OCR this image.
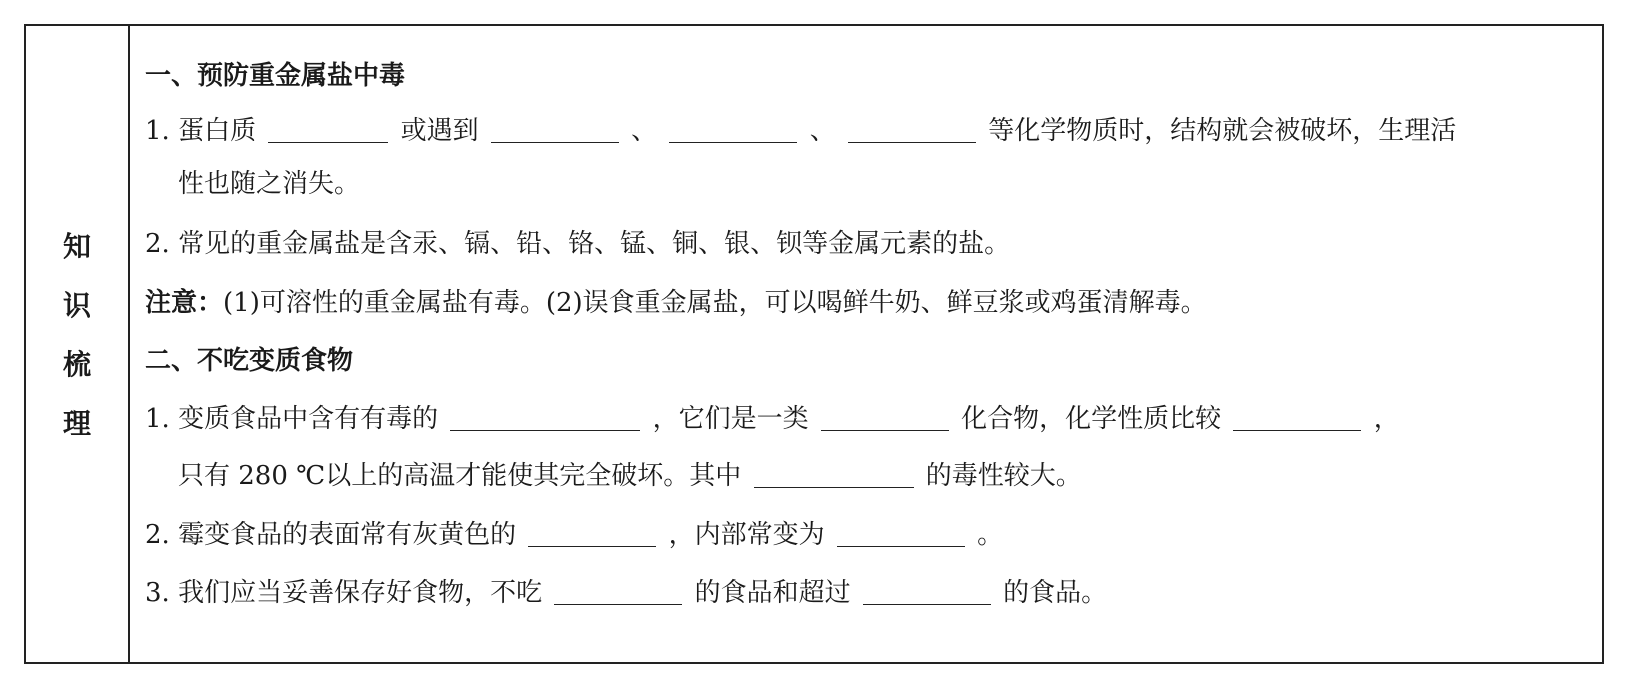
知
识
梳
理
一、预防重金属盐中毒
1. 蛋白质	或遇到	、	、	等化学物质时，结构就会被破坏，生理活
性也随之消失。
2. 常见的重金属盐是含汞、镉、铅、铬、锰、铜、银、钡等金属元素的盐。
注意：(1)可溶性的重金属盐有毒。(2)误食重金属盐，可以喝鲜牛奶、鲜豆浆或鸡蛋清解毒。
二、不吃变质食物
1. 变质食品中含有有毒的	，它们是一类	化合物，化学性质比较	，
只有 280 ℃以上的高温才能使其完全破坏。其中	的毒性较大。
2. 霉变食品的表面常有灰黄色的	，内部常变为	。
3. 我们应当妥善保存好食物，不吃	的食品和超过	的食品。
